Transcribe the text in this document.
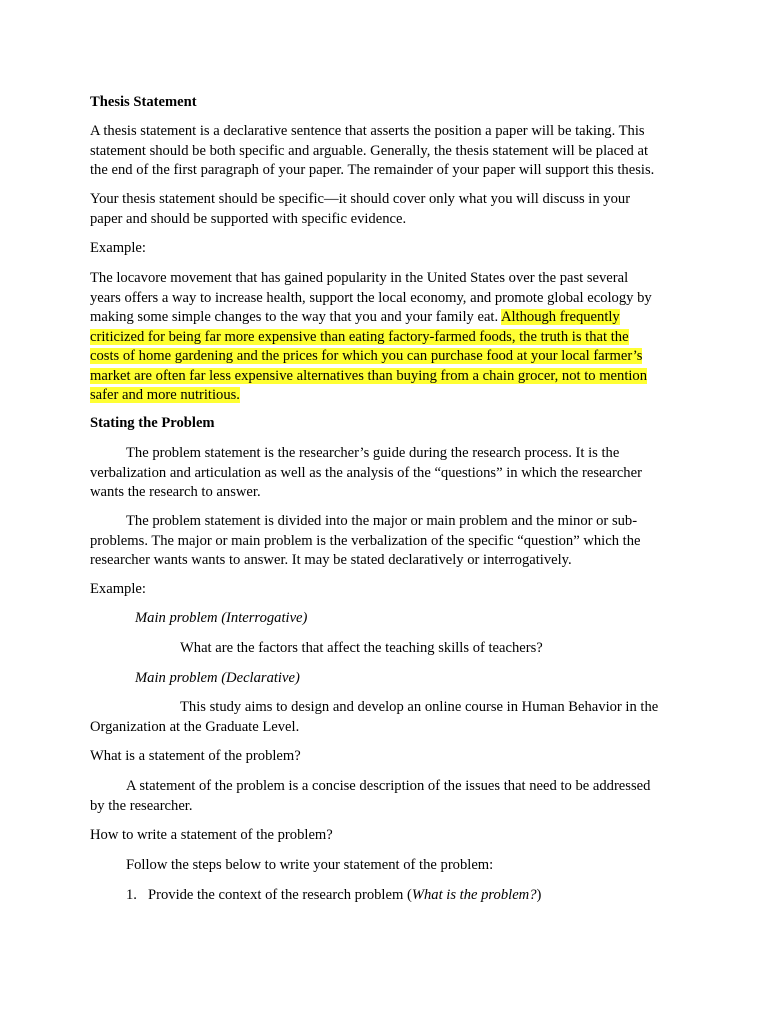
Thesis Statement

A thesis statement is a declarative sentence that asserts the position a paper will be taking. This
statement should be both specific and arguable. Generally, the thesis statement will be placed at
the end of the first paragraph of your paper. The remainder of your paper will support this thesis.

Your thesis statement should be specific—it should cover only what you will discuss in your
paper and should be supported with specific evidence.

Example:

The locavore movement that has gained popularity in the United States over the past several
years offers a way to increase health, support the local economy, and promote global ecology by
making some simple changes to the way that you and your family eat. Although frequently
criticized for being far more expensive than eating factory-farmed foods, the truth is that the
costs of home gardening and the prices for which you can purchase food at your local farmer’s
market are often far less expensive alternatives than buying from a chain grocer, not to mention
safer and more nutritious.

Stating the Problem

The problem statement is the researcher’s guide during the research process. It is the
verbalization and articulation as well as the analysis of the “questions” in which the researcher
wants the research to answer.

The problem statement is divided into the major or main problem and the minor or sub-
problems. The major or main problem is the verbalization of the specific “question” which the
researcher wants wants to answer. It may be stated declaratively or interrogatively.

Example:

Main problem (Interrogative)

What are the factors that affect the teaching skills of teachers?

Main problem (Declarative)

This study aims to design and develop an online course in Human Behavior in the
Organization at the Graduate Level.

What is a statement of the problem?

A statement of the problem is a concise description of the issues that need to be addressed
by the researcher.

How to write a statement of the problem?

Follow the steps below to write your statement of the problem:

1. Provide the context of the research problem (What is the problem?)
